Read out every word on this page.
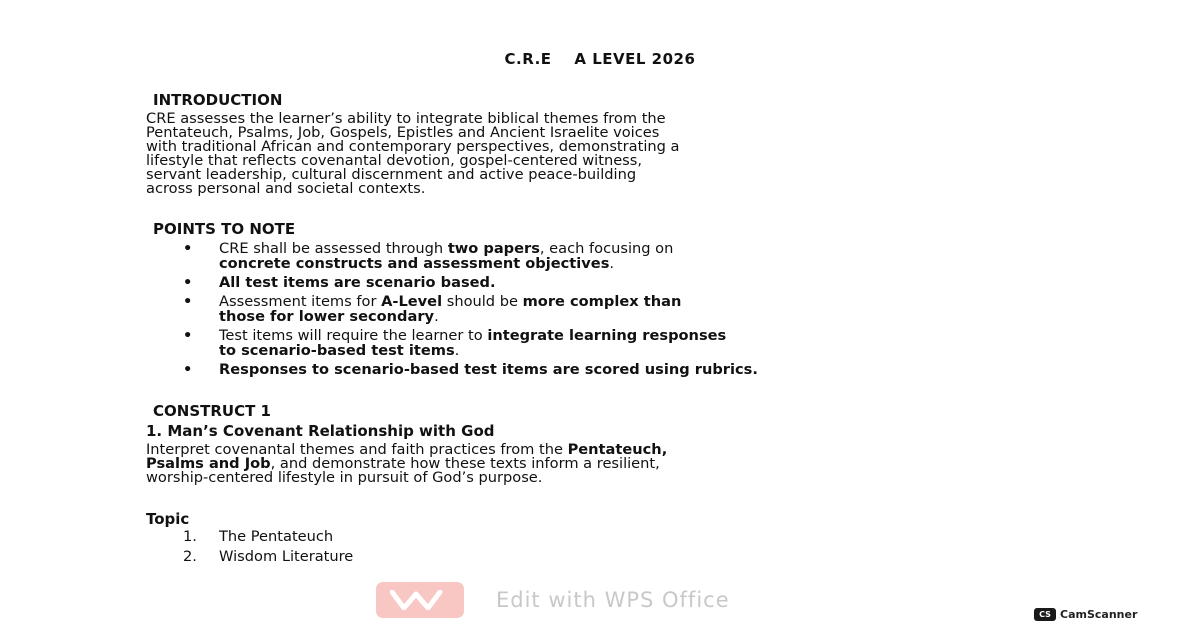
C.R.E    A LEVEL 2026
INTRODUCTION
CRE assesses the learner’s ability to integrate biblical themes from the
Pentateuch, Psalms, Job, Gospels, Epistles and Ancient Israelite voices
with traditional African and contemporary perspectives, demonstrating a
lifestyle that reflects covenantal devotion, gospel-centered witness,
servant leadership, cultural discernment and active peace-building
across personal and societal contexts.
POINTS TO NOTE
• CRE shall be assessed through two papers, each focusing on
concrete constructs and assessment objectives.
• All test items are scenario based.
• Assessment items for A-Level should be more complex than
those for lower secondary.
• Test items will require the learner to integrate learning responses
to scenario-based test items.
• Responses to scenario-based test items are scored using rubrics.
CONSTRUCT 1
1. Man’s Covenant Relationship with God
Interpret covenantal themes and faith practices from the Pentateuch,
Psalms and Job, and demonstrate how these texts inform a resilient,
worship-centered lifestyle in pursuit of God’s purpose.
Topic
1. The Pentateuch
2. Wisdom Literature
Edit with WPS Office
CS CamScanner
